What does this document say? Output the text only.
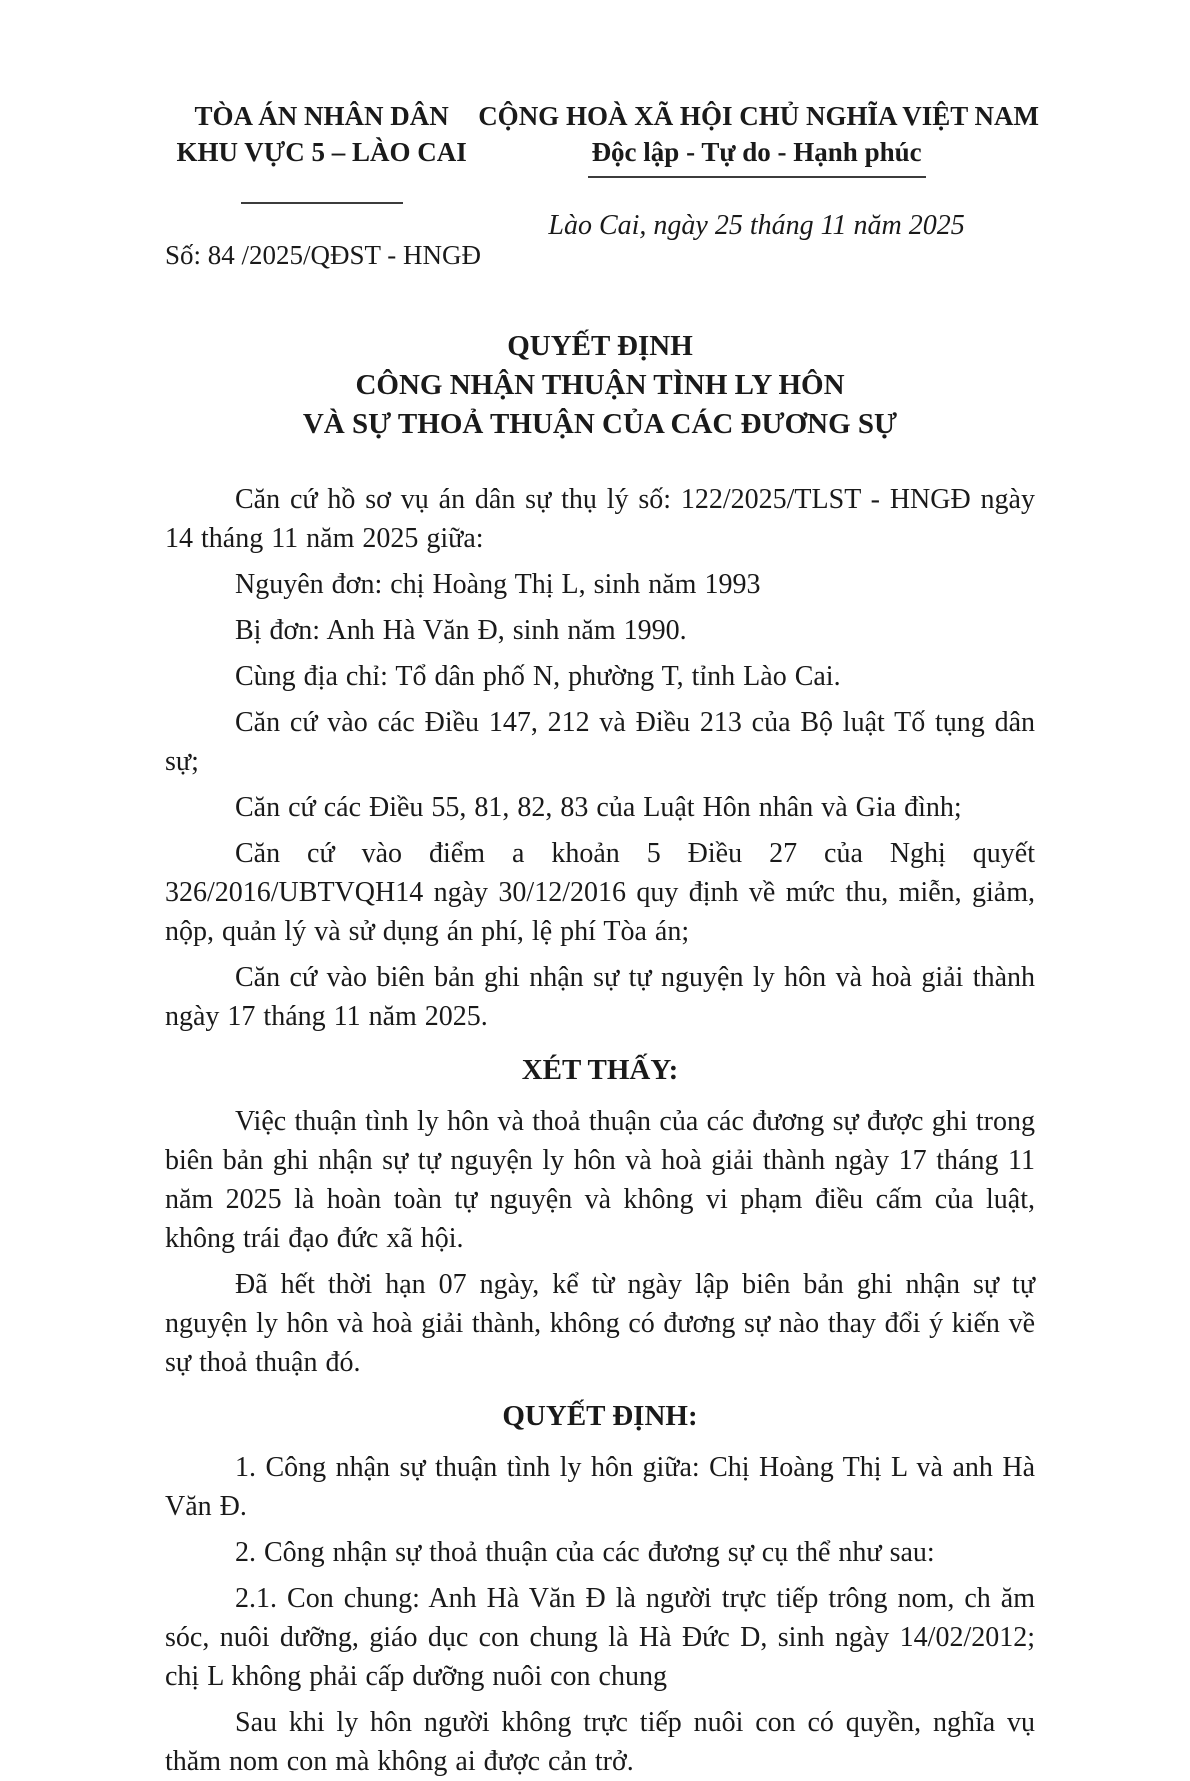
TÒA ÁN NHÂN DÂN
KHU VỰC 5 – LÀO CAI
Số: 84 /2025/QĐST - HNGĐ
CỘNG HOÀ XÃ HỘI CHỦ NGHĨA VIỆT NAM
Độc lập - Tự do - Hạnh phúc
Lào Cai, ngày 25 tháng 11 năm 2025
QUYẾT ĐỊNH
CÔNG NHẬN THUẬN TÌNH LY HÔN
VÀ SỰ THOẢ THUẬN CỦA CÁC ĐƯƠNG SỰ

Căn cứ hồ sơ vụ án dân sự thụ lý số: 122/2025/TLST - HNGĐ ngày 14 tháng 11 năm 2025 giữa:

Nguyên đơn: chị Hoàng Thị L, sinh năm 1993

Bị đơn: Anh Hà Văn Đ, sinh năm 1990.

Cùng địa chỉ: Tổ dân phố N, phường T, tỉnh Lào Cai.

Căn cứ vào các Điều 147, 212 và Điều 213 của Bộ luật Tố tụng dân sự;

Căn cứ các Điều 55, 81, 82, 83 của Luật Hôn nhân và Gia đình;

Căn cứ vào điểm a khoản 5 Điều 27 của Nghị quyết 326/2016/UBTVQH14 ngày 30/12/2016 quy định về mức thu, miễn, giảm, nộp, quản lý và sử dụng án phí, lệ phí Tòa án;

Căn cứ vào biên bản ghi nhận sự tự nguyện ly hôn và hoà giải thành ngày 17 tháng 11 năm 2025.

XÉT THẤY:

Việc thuận tình ly hôn và thoả thuận của các đương sự được ghi trong biên bản ghi nhận sự tự nguyện ly hôn và hoà giải thành ngày 17 tháng 11 năm 2025 là hoàn toàn tự nguyện và không vi phạm điều cấm của luật, không trái đạo đức xã hội.

Đã hết thời hạn 07 ngày, kể từ ngày lập biên bản ghi nhận sự tự nguyện ly hôn và hoà giải thành, không có đương sự nào thay đổi ý kiến về sự thoả thuận đó.

QUYẾT ĐỊNH:

1. Công nhận sự thuận tình ly hôn giữa: Chị Hoàng Thị L và anh Hà Văn Đ.

2. Công nhận sự thoả thuận của các đương sự cụ thể như sau:

2.1. Con chung: Anh Hà Văn Đ là người trực tiếp trông nom, ch ăm sóc, nuôi dưỡng, giáo dục con chung là Hà Đức D, sinh ngày 14/02/2012; chị L không phải cấp dưỡng nuôi con chung

Sau khi ly hôn người không trực tiếp nuôi con có quyền, nghĩa vụ thăm nom con mà không ai được cản trở.
